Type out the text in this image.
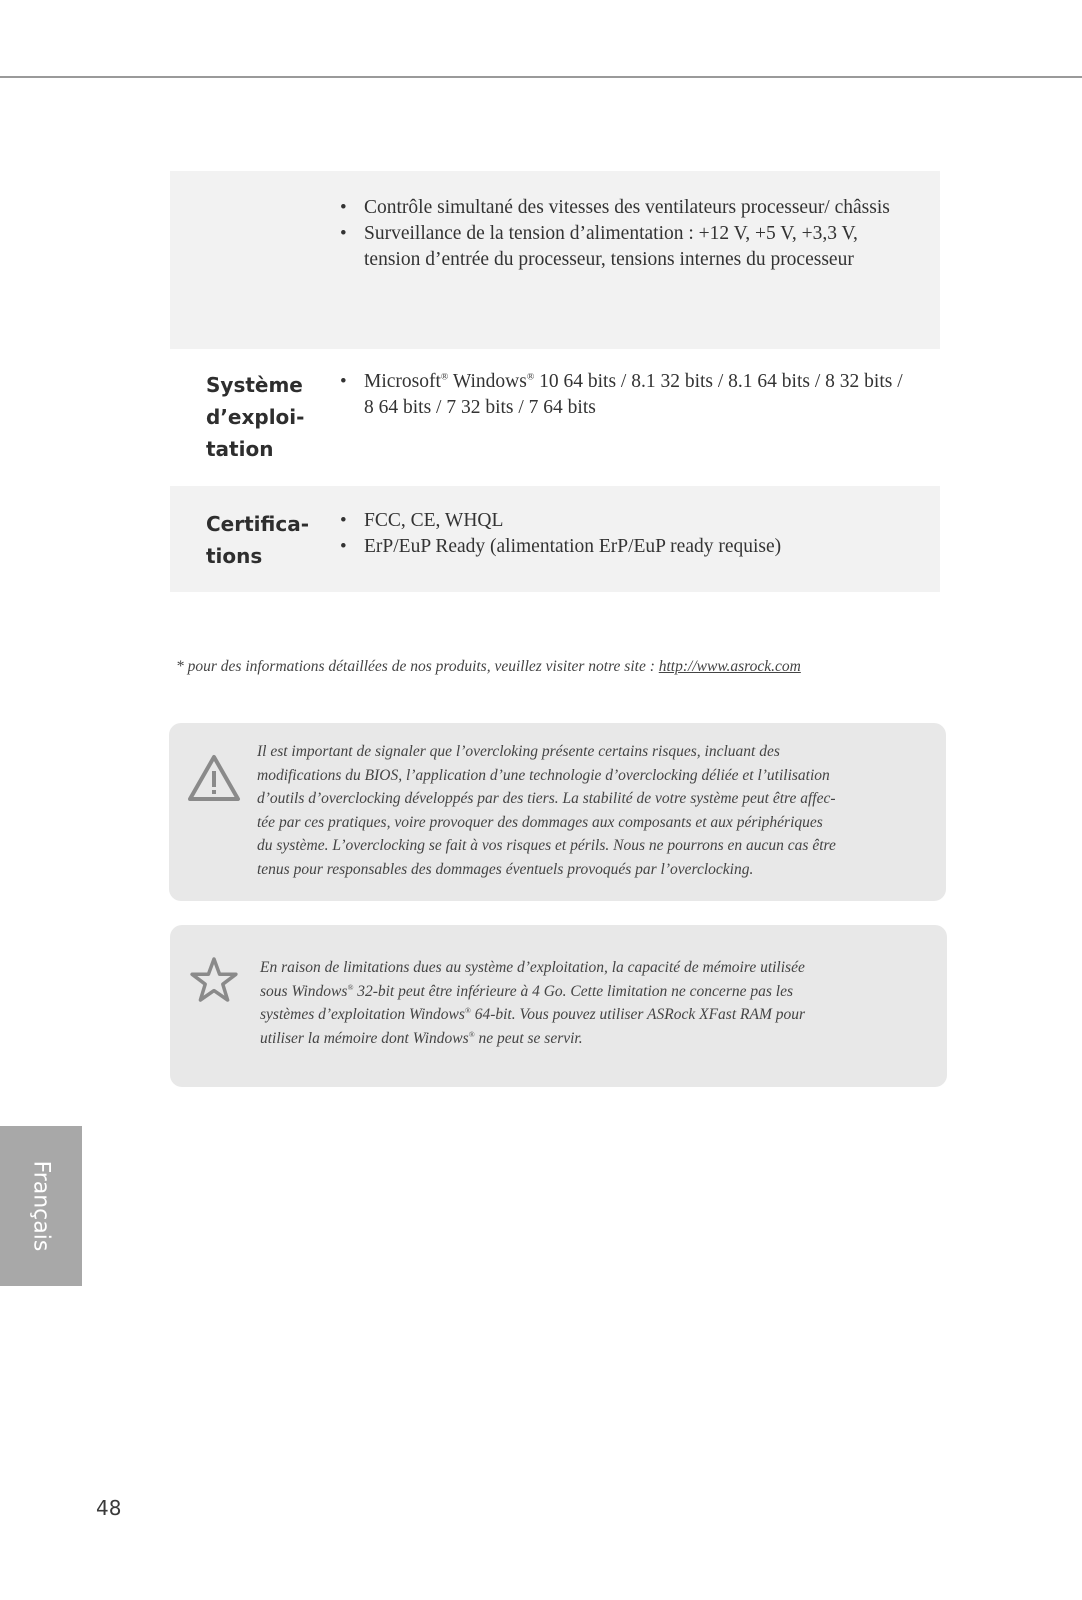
• Contrôle simultané des vitesses des ventilateurs processeur/ châssis
• Surveillance de la tension d’alimentation : +12 V, +5 V, +3,3 V, tension d’entrée du processeur, tensions internes du processeur
Système
d’exploi-
tation
• Microsoft® Windows® 10 64 bits / 8.1 32 bits / 8.1 64 bits / 8 32 bits / 8 64 bits / 7 32 bits / 7 64 bits
Certifica-
tions
• FCC, CE, WHQL
• ErP/EuP Ready (alimentation ErP/EuP ready requise)
* pour des informations détaillées de nos produits, veuillez visiter notre site : http://www.asrock.com
Il est important de signaler que l’overcloking présente certains risques, incluant des
modifications du BIOS, l’application d’une technologie d’overclocking déliée et l’utilisation
d’outils d’overclocking développés par des tiers. La stabilité de votre système peut être affec-
tée par ces pratiques, voire provoquer des dommages aux composants et aux périphériques
du système. L’overclocking se fait à vos risques et périls. Nous ne pourrons en aucun cas être
tenus pour responsables des dommages éventuels provoqués par l’overclocking.
En raison de limitations dues au système d’exploitation, la capacité de mémoire utilisée
sous Windows® 32-bit peut être inférieure à 4 Go. Cette limitation ne concerne pas les
systèmes d’exploitation Windows® 64-bit. Vous pouvez utiliser ASRock XFast RAM pour
utiliser la mémoire dont Windows® ne peut se servir.
Français
48
